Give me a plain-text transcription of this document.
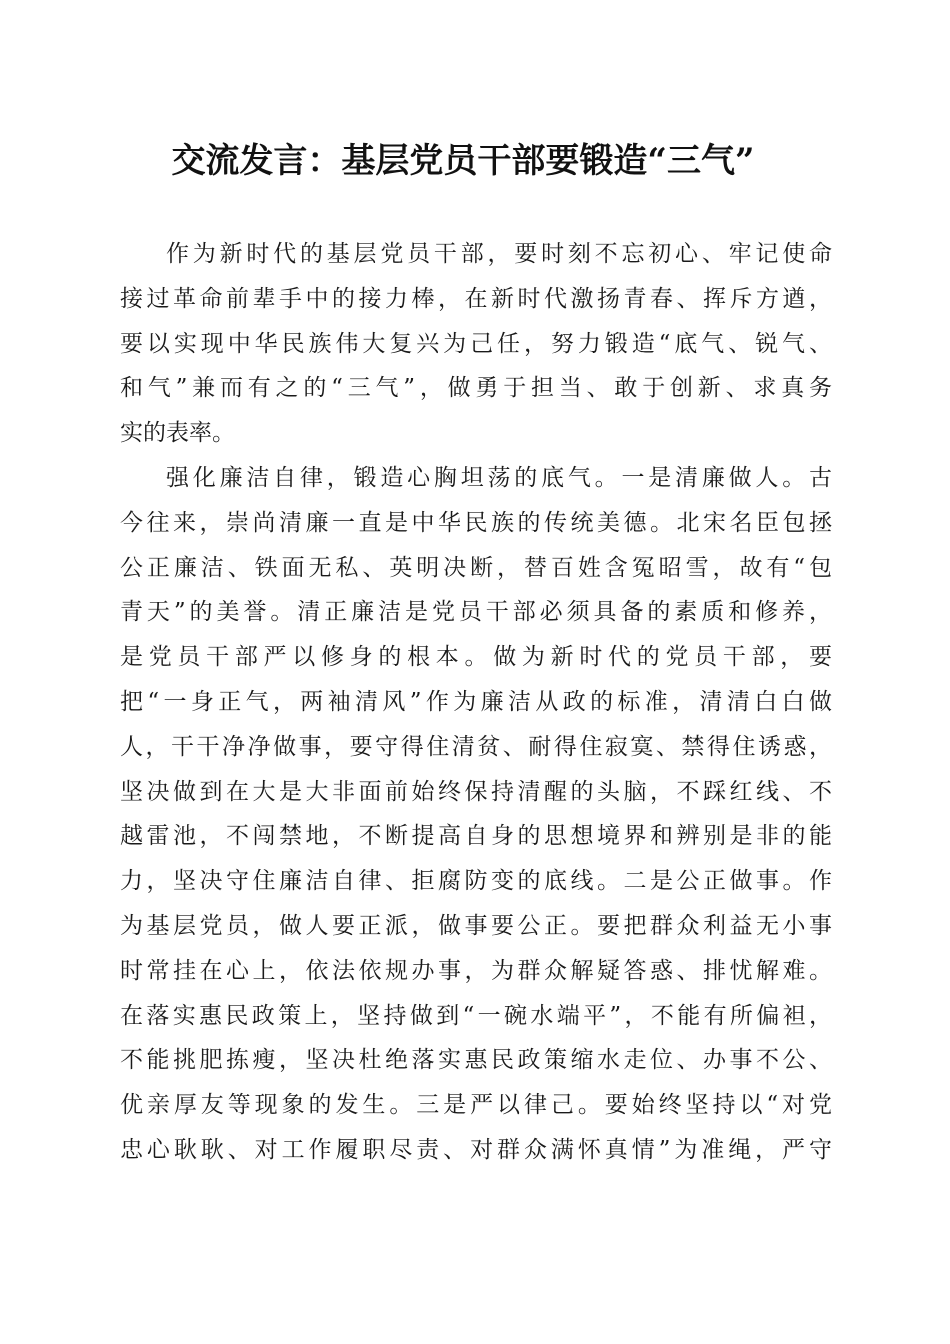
交流发言：基层党员干部要锻造“三气”
作为新时代的基层党员干部，要时刻不忘初心、牢记使命
接过革命前辈手中的接力棒，在新时代激扬青春、挥斥方遒，
要以实现中华民族伟大复兴为己任，努力锻造“底气、锐气、
和气”兼而有之的“三气”，做勇于担当、敢于创新、求真务
实的表率。
强化廉洁自律，锻造心胸坦荡的底气。一是清廉做人。古
今往来，崇尚清廉一直是中华民族的传统美德。北宋名臣包拯
公正廉洁、铁面无私、英明决断，替百姓含冤昭雪，故有“包
青天”的美誉。清正廉洁是党员干部必须具备的素质和修养，
是党员干部严以修身的根本。做为新时代的党员干部，要
把“一身正气，两袖清风”作为廉洁从政的标准，清清白白做
人，干干净净做事，要守得住清贫、耐得住寂寞、禁得住诱惑，
坚决做到在大是大非面前始终保持清醒的头脑，不踩红线、不
越雷池，不闯禁地，不断提高自身的思想境界和辨别是非的能
力，坚决守住廉洁自律、拒腐防变的底线。二是公正做事。作
为基层党员，做人要正派，做事要公正。要把群众利益无小事
时常挂在心上，依法依规办事，为群众解疑答惑、排忧解难。
在落实惠民政策上，坚持做到“一碗水端平”，不能有所偏袒，
不能挑肥拣瘦，坚决杜绝落实惠民政策缩水走位、办事不公、
优亲厚友等现象的发生。三是严以律己。要始终坚持以“对党
忠心耿耿、对工作履职尽责、对群众满怀真情”为准绳，严守
